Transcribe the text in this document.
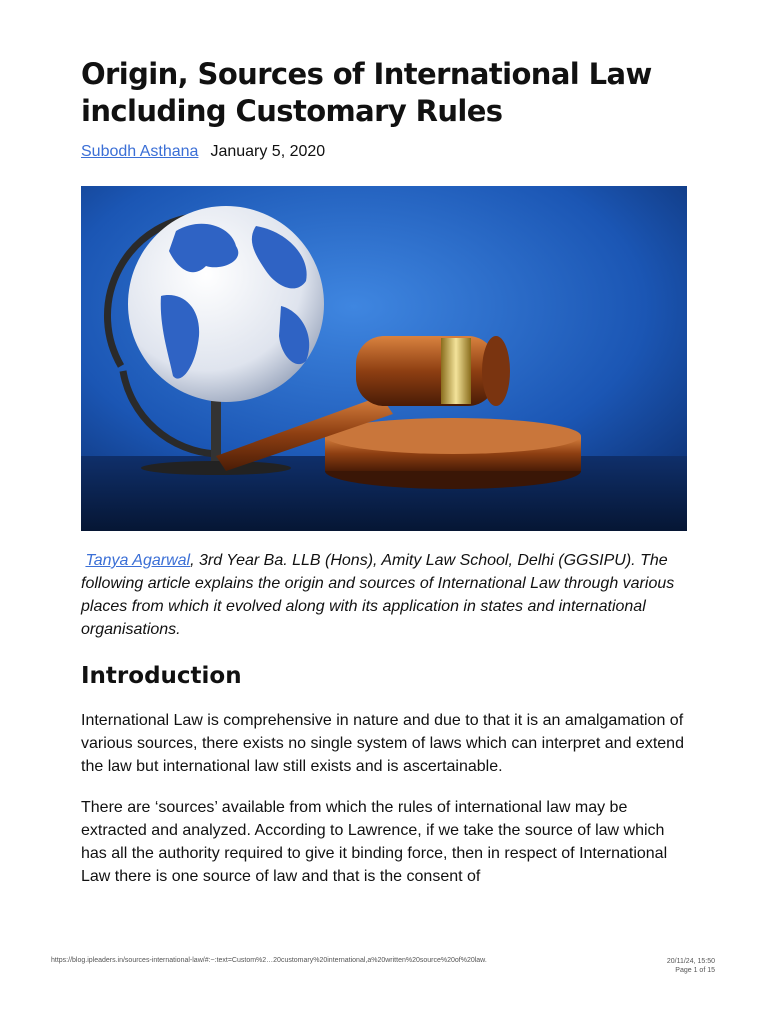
Origin, Sources of International Law including Customary Rules
Subodh Asthana January 5, 2020
Tanya Agarwal, 3rd Year Ba. LLB (Hons), Amity Law School, Delhi (GGSIPU). The following article explains the origin and sources of International Law through various places from which it evolved along with its application in states and international organisations.
Introduction

International Law is comprehensive in nature and due to that it is an amalgamation of various sources, there exists no single system of laws which can interpret and extend the law but international law still exists and is ascertainable.

There are ‘sources’ available from which the rules of international law may be extracted and analyzed. According to Lawrence, if we take the source of law which has all the authority required to give it binding force, then in respect of International Law there is one source of law and that is the consent of

https://blog.ipleaders.in/sources-international-law/#:~:text=Custom%2…20customary%20international,a%20written%20source%20of%20law.	20/11/24, 15:50
Page 1 of 15
